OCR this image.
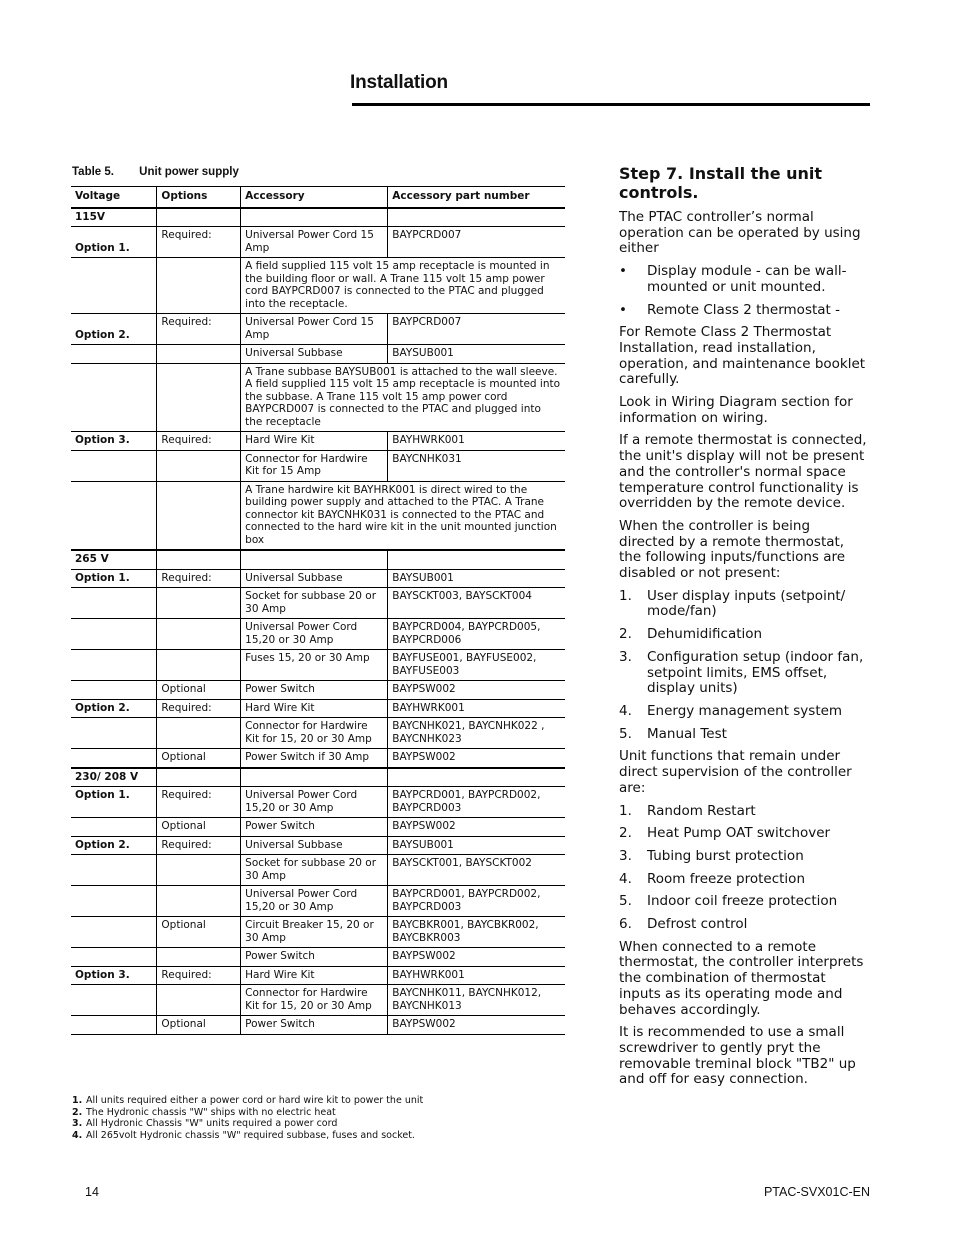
Installation
Table 5. Unit power supply
Voltage	Options	Accessory	Accessory part number
115V			
Option 1.	Required:	Universal Power Cord 15 Amp	BAYPCRD007
		A field supplied 115 volt 15 amp receptacle is mounted in the building floor or wall. A Trane 115 volt 15 amp power cord BAYPCRD007 is connected to the PTAC and plugged into the receptacle.	
Option 2.	Required:	Universal Power Cord 15 Amp	BAYPCRD007
		Universal Subbase	BAYSUB001
		A Trane subbase BAYSUB001 is attached to the wall sleeve. A field supplied 115 volt 15 amp receptacle is mounted into the subbase. A Trane 115 volt 15 amp power cord BAYPCRD007 is connected to the PTAC and plugged into the receptacle	
Option 3.	Required:	Hard Wire Kit	BAYHWRK001
		Connector for Hardwire Kit for 15 Amp	BAYCNHK031
		A Trane hardwire kit BAYHRK001 is direct wired to the building power supply and attached to the PTAC. A Trane connector kit BAYCNHK031 is connected to the PTAC and connected to the hard wire kit in the unit mounted junction box	
265 V			
Option 1.	Required:	Universal Subbase	BAYSUB001
		Socket for subbase 20 or 30 Amp	BAYSCKT003, BAYSCKT004
		Universal Power Cord 15,20 or 30 Amp	BAYPCRD004, BAYPCRD005, BAYPCRD006
		Fuses 15, 20 or 30 Amp	BAYFUSE001, BAYFUSE002, BAYFUSE003
	Optional	Power Switch	BAYPSW002
Option 2.	Required:	Hard Wire Kit	BAYHWRK001
		Connector for Hardwire Kit for 15, 20 or 30 Amp	BAYCNHK021, BAYCNHK022 , BAYCNHK023
	Optional	Power Switch if 30 Amp	BAYPSW002
230/ 208 V			
Option 1.	Required:	Universal Power Cord 15,20 or 30 Amp	BAYPCRD001, BAYPCRD002, BAYPCRD003
	Optional	Power Switch	BAYPSW002
Option 2.	Required:	Universal Subbase	BAYSUB001
		Socket for subbase 20 or 30 Amp	BAYSCKT001, BAYSCKT002
		Universal Power Cord 15,20 or 30 Amp	BAYPCRD001, BAYPCRD002, BAYPCRD003
	Optional	Circuit Breaker 15, 20 or 30 Amp	BAYCBKR001, BAYCBKR002, BAYCBKR003
		Power Switch	BAYPSW002
Option 3.	Required:	Hard Wire Kit	BAYHWRK001
		Connector for Hardwire Kit for 15, 20 or 30 Amp	BAYCNHK011, BAYCNHK012, BAYCNHK013
	Optional	Power Switch	BAYPSW002
1. All units required either a power cord or hard wire kit to power the unit
2. The Hydronic chassis "W" ships with no electric heat
3. All Hydronic Chassis "W" units required a power cord
4. All 265volt Hydronic chassis "W" required subbase, fuses and socket.
Step 7. Install the unit controls.

The PTAC controller’s normal operation can be operated by using either

• Display module - can be wall-mounted or unit mounted.
• Remote Class 2 thermostat -

For Remote Class 2 Thermostat Installation, read installation, operation, and maintenance booklet carefully.

Look in Wiring Diagram section for information on wiring.

If a remote thermostat is connected, the unit's display will not be present and the controller's normal space temperature control functionality is overridden by the remote device.

When the controller is being directed by a remote thermostat, the following inputs/functions are disabled or not present:

1. User display inputs (setpoint/ mode/fan)
2. Dehumidification
3. Configuration setup (indoor fan, setpoint limits, EMS offset, display units)
4. Energy management system
5. Manual Test

Unit functions that remain under direct supervision of the controller are:

1. Random Restart
2. Heat Pump OAT switchover
3. Tubing burst protection
4. Room freeze protection
5. Indoor coil freeze protection
6. Defrost control

When connected to a remote thermostat, the controller interprets the combination of thermostat inputs as its operating mode and behaves accordingly.

It is recommended to use a small screwdriver to gently pryt the removable treminal block "TB2" up and off for easy connection.

14	PTAC-SVX01C-EN
